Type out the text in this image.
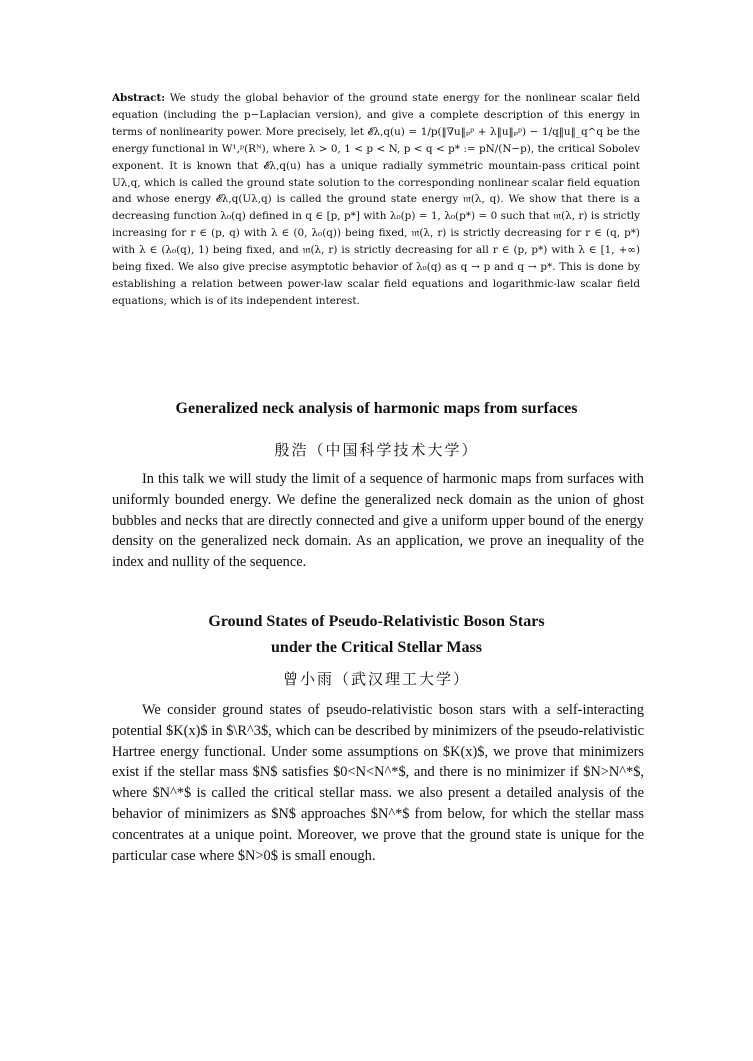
Abstract: We study the global behavior of the ground state energy for the nonlinear scalar field equation (including the p−Laplacian version), and give a complete description of this energy in terms of nonlinearity power. More precisely, let 𝓔λ,q(u) = 1/p(‖∇u‖ₚᵖ + λ‖u‖ₚᵖ) − 1/q‖u‖_q^q be the energy functional in W¹,ᵖ(Rᴺ), where λ > 0, 1 < p < N, p < q < p* := pN/(N−p), the critical Sobolev exponent. It is known that 𝓔λ,q(u) has a unique radially symmetric mountain-pass critical point Uλ,q, which is called the ground state solution to the corresponding nonlinear scalar field equation and whose energy 𝓔λ,q(Uλ,q) is called the ground state energy 𝔪(λ, q). We show that there is a decreasing function λ₀(q) defined in q ∈ [p, p*] with λ₀(p) = 1, λ₀(p*) = 0 such that 𝔪(λ, r) is strictly increasing for r ∈ (p, q) with λ ∈ (0, λ₀(q)) being fixed, 𝔪(λ, r) is strictly decreasing for r ∈ (q, p*) with λ ∈ (λ₀(q), 1) being fixed, and 𝔪(λ, r) is strictly decreasing for all r ∈ (p, p*) with λ ∈ [1, +∞) being fixed. We also give precise asymptotic behavior of λ₀(q) as q → p and q → p*. This is done by establishing a relation between power-law scalar field equations and logarithmic-law scalar field equations, which is of its independent interest.
Generalized neck analysis of harmonic maps from surfaces
殷浩（中国科学技术大学）

In this talk we will study the limit of a sequence of harmonic maps from surfaces with uniformly bounded energy. We define the generalized neck domain as the union of ghost bubbles and necks that are directly connected and give a uniform upper bound of the energy density on the generalized neck domain. As an application, we prove an inequality of the index and nullity of the sequence.

Ground States of Pseudo-Relativistic Boson Stars
under the Critical Stellar Mass
曾小雨（武汉理工大学）

We consider ground states of pseudo-relativistic boson stars with a self-interacting potential $K(x)$ in $\R^3$, which can be described by minimizers of the pseudo-relativistic Hartree energy functional. Under some assumptions on $K(x)$, we prove that minimizers exist if the stellar mass $N$ satisfies $0<N<N^*$, and there is no minimizer if $N>N^*$, where $N^*$ is called the critical stellar mass. we also present a detailed analysis of the behavior of minimizers as $N$ approaches $N^*$ from below, for which the stellar mass concentrates at a unique point. Moreover, we prove that the ground state is unique for the particular case where $N>0$ is small enough.
